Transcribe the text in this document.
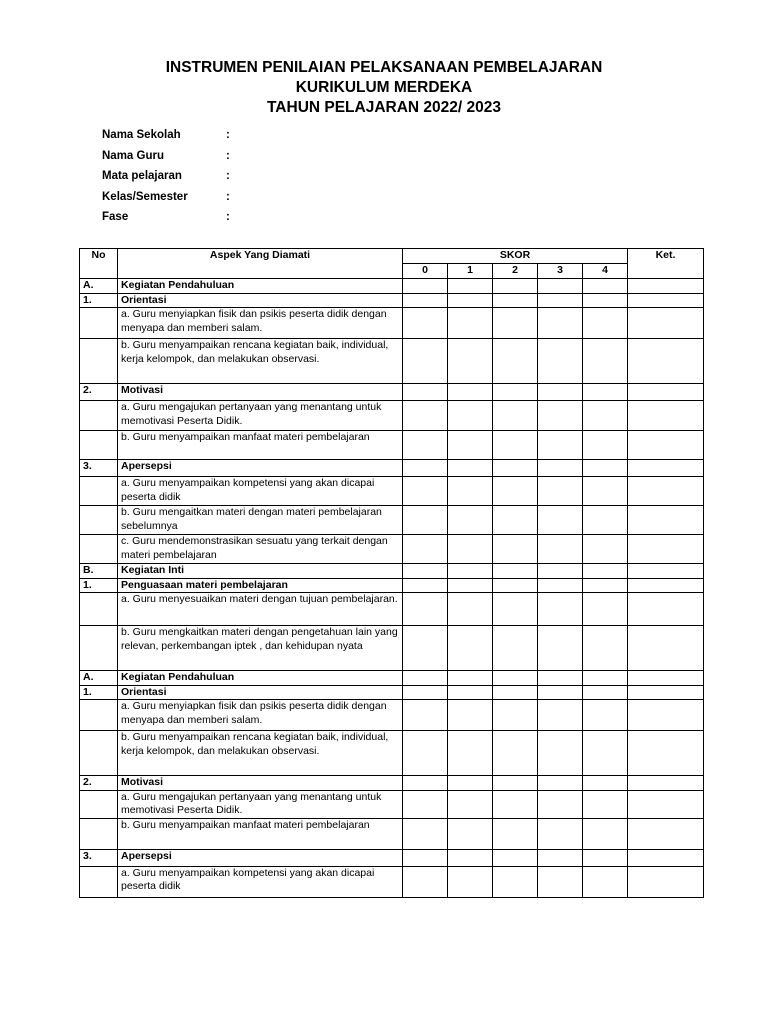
INSTRUMEN PENILAIAN PELAKSANAAN PEMBELAJARAN
KURIKULUM MERDEKA
TAHUN PELAJARAN 2022/ 2023
Nama Sekolah	:
Nama Guru	:
Mata pelajaran	:
Kelas/Semester	:
Fase	:
No	Aspek Yang Diamati	SKOR					Ket.
		0	1	2	3	4	
A.	Kegiatan Pendahuluan						
1.	Orientasi						
	a. Guru menyiapkan fisik dan psikis peserta didik dengan menyapa dan memberi salam.						
	b. Guru menyampaikan rencana kegiatan baik, individual, kerja kelompok, dan melakukan observasi.						
2.	Motivasi						
	a. Guru mengajukan pertanyaan yang menantang untuk memotivasi Peserta Didik.						
	b. Guru menyampaikan manfaat materi pembelajaran						
3.	Apersepsi						
	a. Guru menyampaikan kompetensi yang akan dicapai peserta didik						
	b. Guru mengaitkan materi dengan materi pembelajaran sebelumnya						
	c. Guru mendemonstrasikan sesuatu yang terkait dengan materi pembelajaran						
B.	Kegiatan Inti						
1.	Penguasaan materi pembelajaran						
	a. Guru menyesuaikan materi dengan tujuan pembelajaran.						
	b. Guru mengkaitkan materi dengan pengetahuan lain yang relevan, perkembangan iptek , dan kehidupan nyata						
A.	Kegiatan Pendahuluan						
1.	Orientasi						
	a. Guru menyiapkan fisik dan psikis peserta didik dengan menyapa dan memberi salam.						
	b. Guru menyampaikan rencana kegiatan baik, individual, kerja kelompok, dan melakukan observasi.						
2.	Motivasi						
	a. Guru mengajukan pertanyaan yang menantang untuk memotivasi Peserta Didik.						
	b. Guru menyampaikan manfaat materi pembelajaran						
3.	Apersepsi						
	a. Guru menyampaikan kompetensi yang akan dicapai peserta didik						
